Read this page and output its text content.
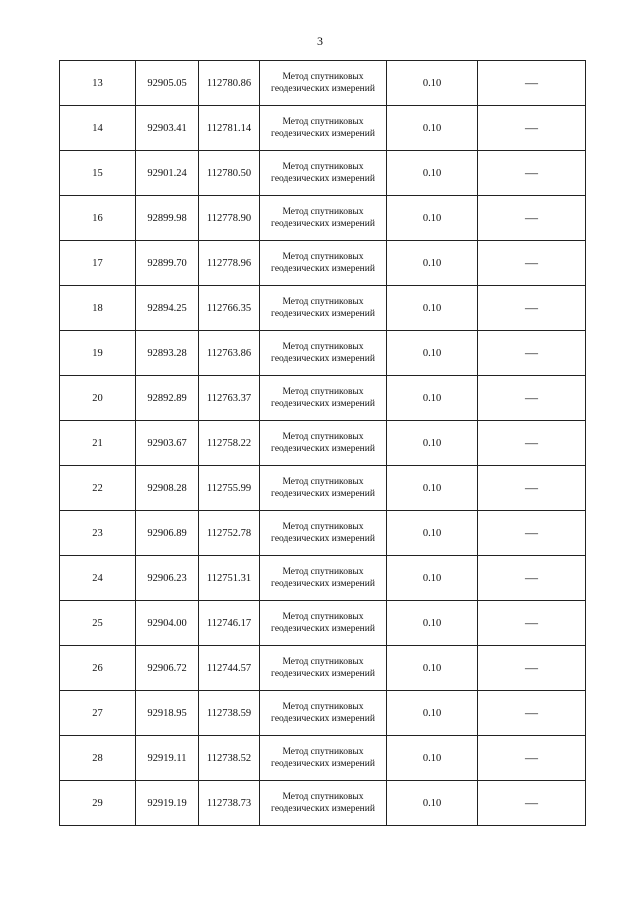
3
13	92905.05	112780.86	Метод спутниковых
геодезических измерений	0.10	—
14	92903.41	112781.14	Метод спутниковых
геодезических измерений	0.10	—
15	92901.24	112780.50	Метод спутниковых
геодезических измерений	0.10	—
16	92899.98	112778.90	Метод спутниковых
геодезических измерений	0.10	—
17	92899.70	112778.96	Метод спутниковых
геодезических измерений	0.10	—
18	92894.25	112766.35	Метод спутниковых
геодезических измерений	0.10	—
19	92893.28	112763.86	Метод спутниковых
геодезических измерений	0.10	—
20	92892.89	112763.37	Метод спутниковых
геодезических измерений	0.10	—
21	92903.67	112758.22	Метод спутниковых
геодезических измерений	0.10	—
22	92908.28	112755.99	Метод спутниковых
геодезических измерений	0.10	—
23	92906.89	112752.78	Метод спутниковых
геодезических измерений	0.10	—
24	92906.23	112751.31	Метод спутниковых
геодезических измерений	0.10	—
25	92904.00	112746.17	Метод спутниковых
геодезических измерений	0.10	—
26	92906.72	112744.57	Метод спутниковых
геодезических измерений	0.10	—
27	92918.95	112738.59	Метод спутниковых
геодезических измерений	0.10	—
28	92919.11	112738.52	Метод спутниковых
геодезических измерений	0.10	—
29	92919.19	112738.73	Метод спутниковых
геодезических измерений	0.10	—
